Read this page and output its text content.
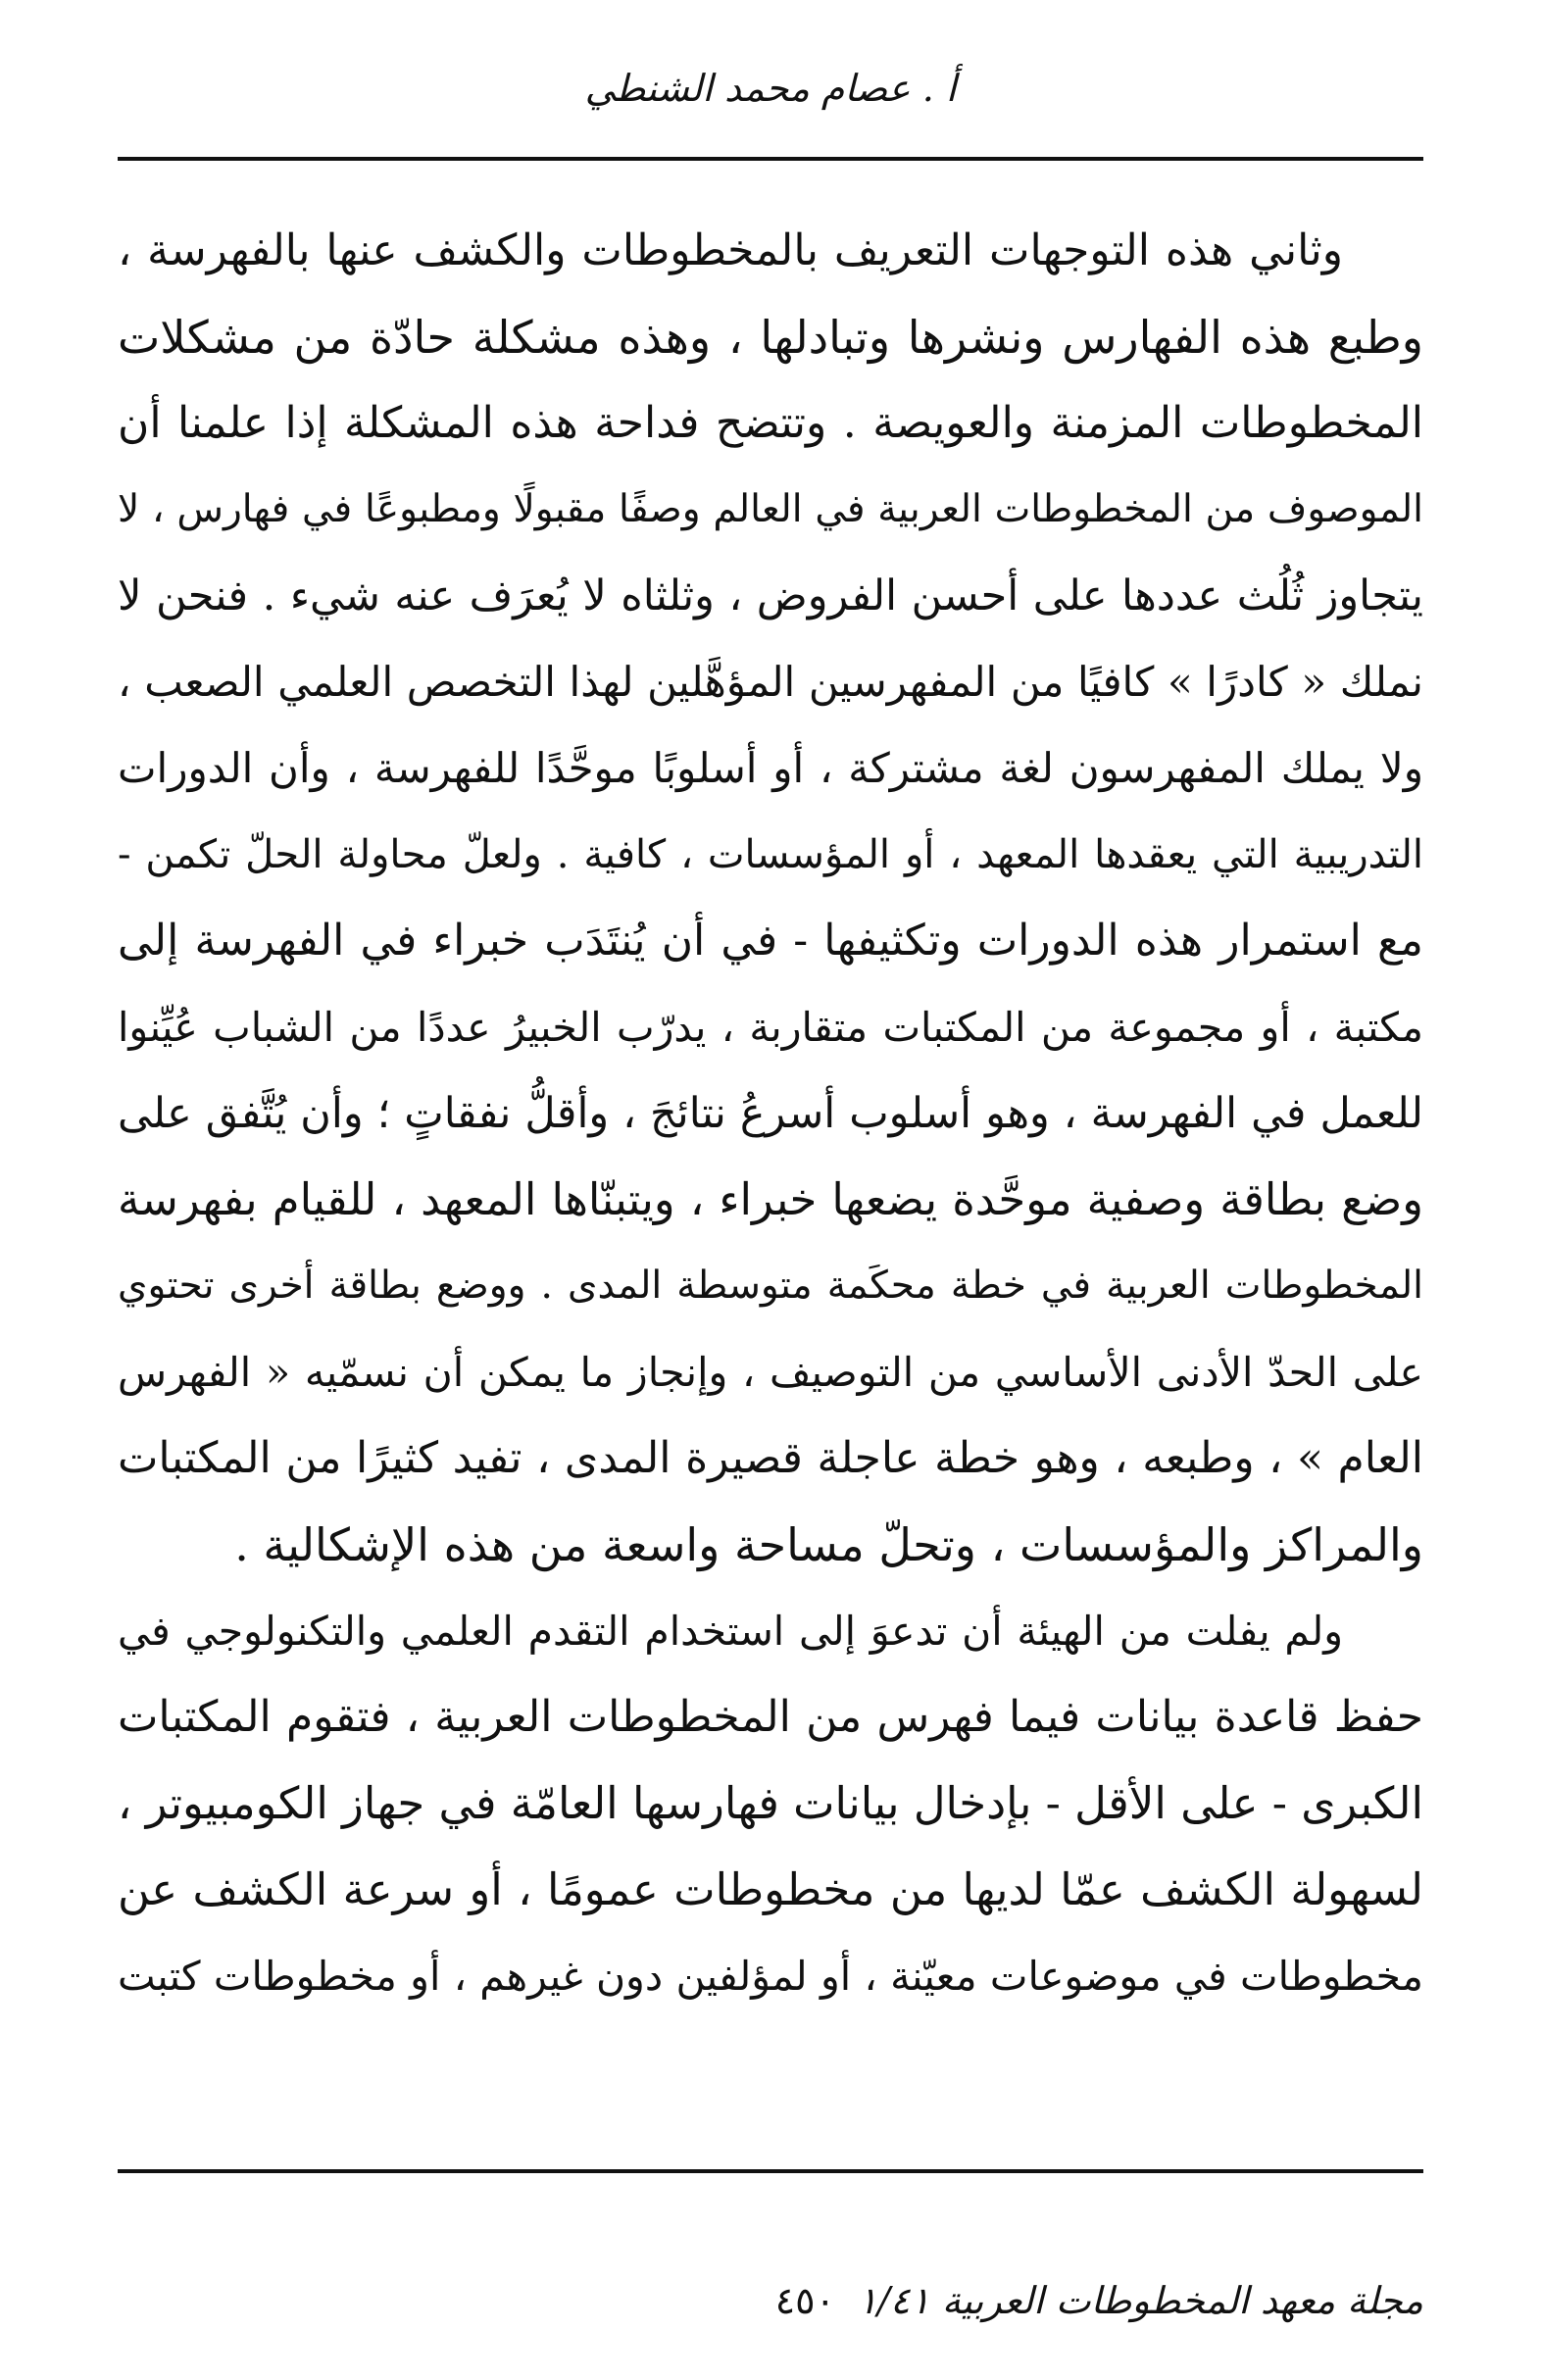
أ . عصام محمد الشنطي
وثاني هذه التوجهات التعريف بالمخطوطات والكشف عنها بالفهرسة ،
وطبع هذه الفهارس ونشرها وتبادلها ، وهذه مشكلة حادّة من مشكلات
المخطوطات المزمنة والعويصة . وتتضح فداحة هذه المشكلة إذا علمنا أن
الموصوف من المخطوطات العربية في العالم وصفًا مقبولًا ومطبوعًا في فهارس ، لا
يتجاوز ثُلُث عددها على أحسن الفروض ، وثلثاه لا يُعرَف عنه شيء . فنحن لا
نملك « كادرًا » كافيًا من المفهرسين المؤهَّلين لهذا التخصص العلمي الصعب ،
ولا يملك المفهرسون لغة مشتركة ، أو أسلوبًا موحَّدًا للفهرسة ، وأن الدورات
التدريبية التي يعقدها المعهد ، أو المؤسسات ، كافية . ولعلّ محاولة الحلّ تكمن -
مع استمرار هذه الدورات وتكثيفها - في أن يُنتَدَب خبراء في الفهرسة إلى
مكتبة ، أو مجموعة من المكتبات متقاربة ، يدرّب الخبيرُ عددًا من الشباب عُيِّنوا
للعمل في الفهرسة ، وهو أسلوب أسرعُ نتائجَ ، وأقلُّ نفقاتٍ ؛ وأن يُتَّفق على
وضع بطاقة وصفية موحَّدة يضعها خبراء ، ويتبنّاها المعهد ، للقيام بفهرسة
المخطوطات العربية في خطة محكَمة متوسطة المدى . ووضع بطاقة أخرى تحتوي
على الحدّ الأدنى الأساسي من التوصيف ، وإنجاز ما يمكن أن نسمّيه « الفهرس
العام » ، وطبعه ، وهو خطة عاجلة قصيرة المدى ، تفيد كثيرًا من المكتبات
والمراكز والمؤسسات ، وتحلّ مساحة واسعة من هذه الإشكالية .
ولم يفلت من الهيئة أن تدعوَ إلى استخدام التقدم العلمي والتكنولوجي في
حفظ قاعدة بيانات فيما فهرس من المخطوطات العربية ، فتقوم المكتبات
الكبرى - على الأقل - بإدخال بيانات فهارسها العامّة في جهاز الكومبيوتر ،
لسهولة الكشف عمّا لديها من مخطوطات عمومًا ، أو سرعة الكشف عن
مخطوطات في موضوعات معيّنة ، أو لمؤلفين دون غيرهم ، أو مخطوطات كتبت
مجلة معهد المخطوطات العربية ١/٤١
٤٥٠
